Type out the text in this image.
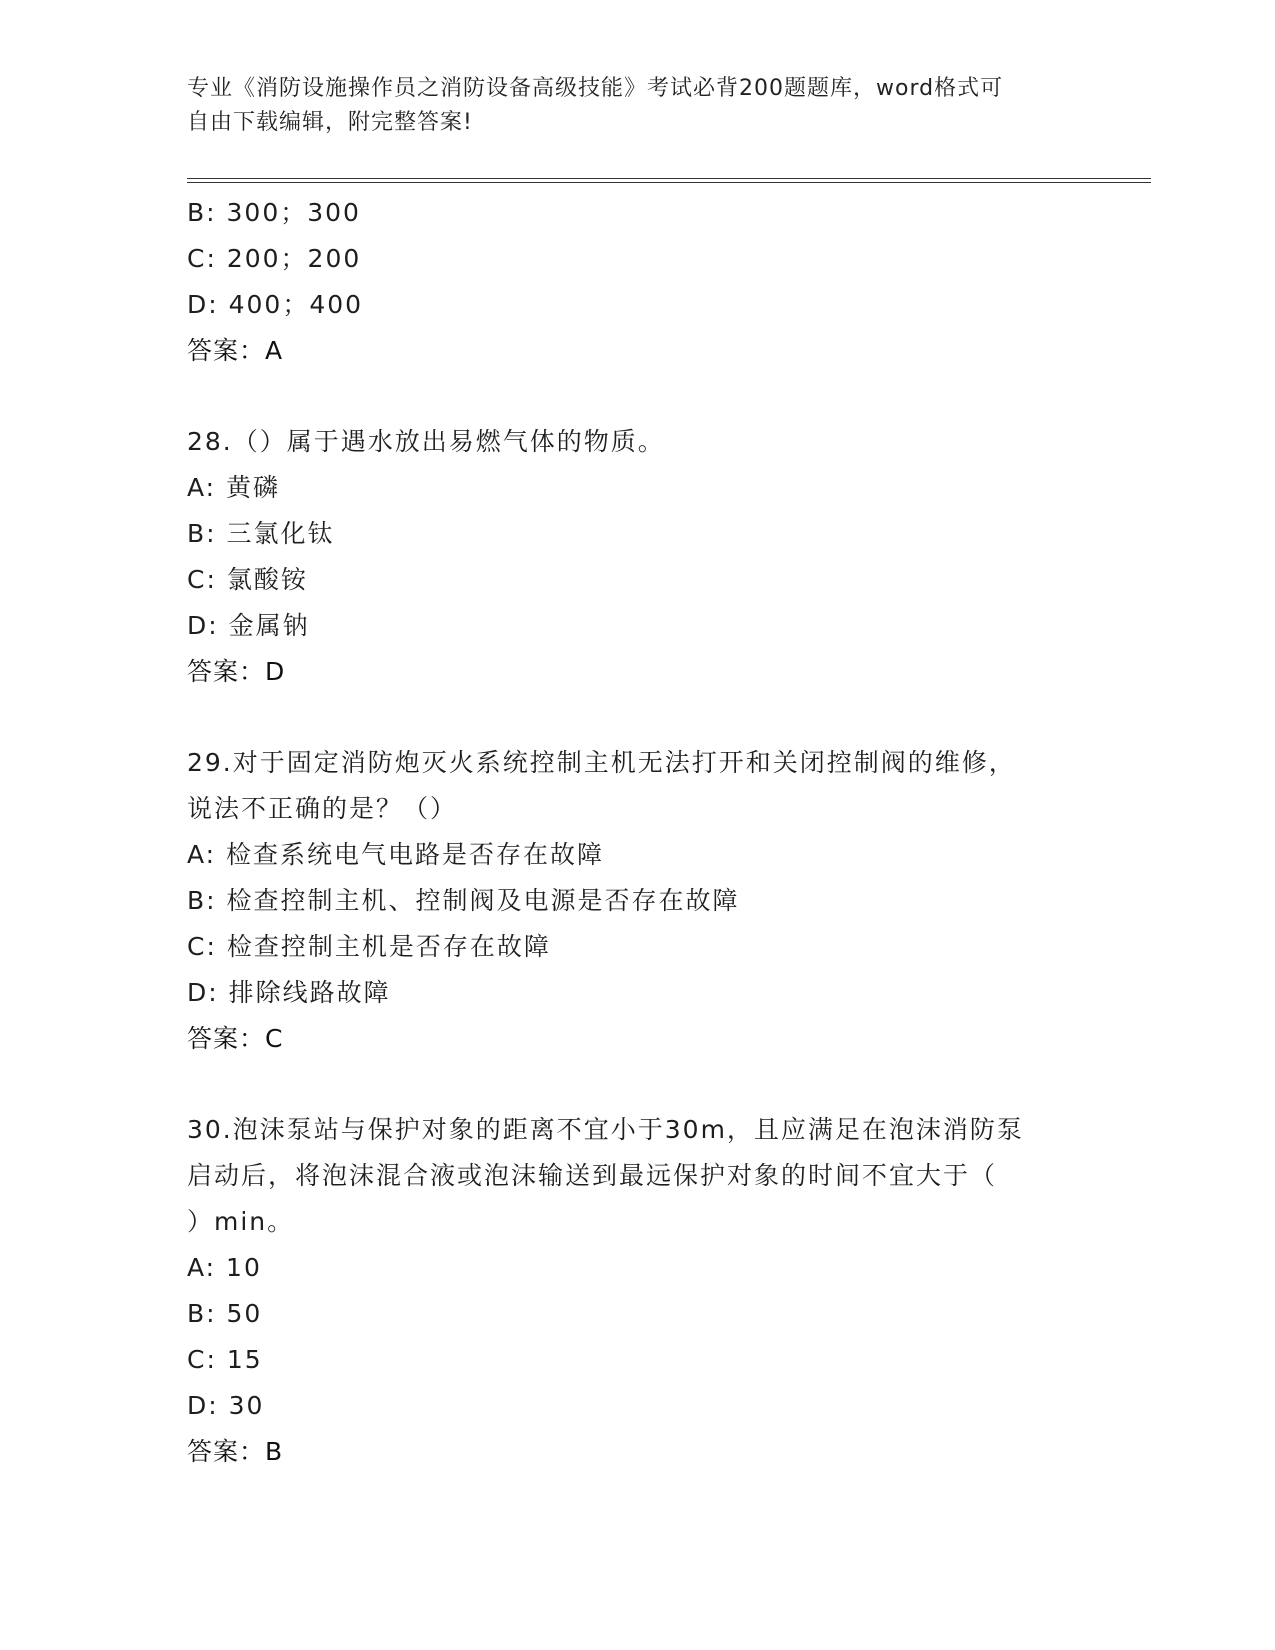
专业《消防设施操作员之消防设备高级技能》考试必背200题题库，word格式可
自由下载编辑，附完整答案!
B: 300；300
C: 200；200
D: 400；400
答案：A
28.（）属于遇水放出易燃气体的物质。
A: 黄磷
B: 三氯化钛
C: 氯酸铵
D: 金属钠
答案：D
29.对于固定消防炮灭火系统控制主机无法打开和关闭控制阀的维修，
说法不正确的是？（）
A: 检查系统电气电路是否存在故障
B: 检查控制主机、控制阀及电源是否存在故障
C: 检查控制主机是否存在故障
D: 排除线路故障
答案：C
30.泡沫泵站与保护对象的距离不宜小于30m，且应满足在泡沫消防泵
启动后，将泡沫混合液或泡沫输送到最远保护对象的时间不宜大于（
）min。
A: 10
B: 50
C: 15
D: 30
答案：B
